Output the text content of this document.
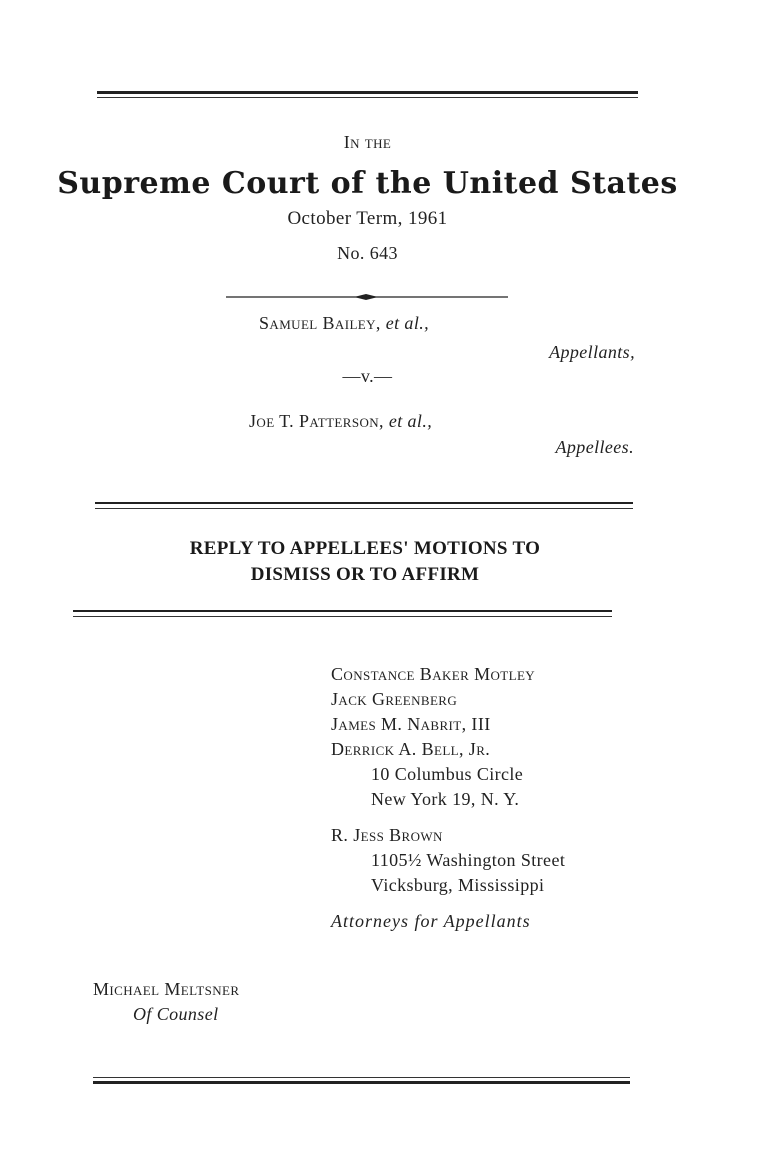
In the
Supreme Court of the United States
October Term, 1961
No. 643
Samuel Bailey, et al.,
Appellants,
—v.—
Joe T. Patterson, et al.,
Appellees.
REPLY TO APPELLEES' MOTIONS TO
DISMISS OR TO AFFIRM
Constance Baker Motley
Jack Greenberg
James M. Nabrit, III
Derrick A. Bell, Jr.
10 Columbus Circle
New York 19, N. Y.
R. Jess Brown
1105½ Washington Street
Vicksburg, Mississippi
Attorneys for Appellants
Michael Meltsner
Of Counsel
